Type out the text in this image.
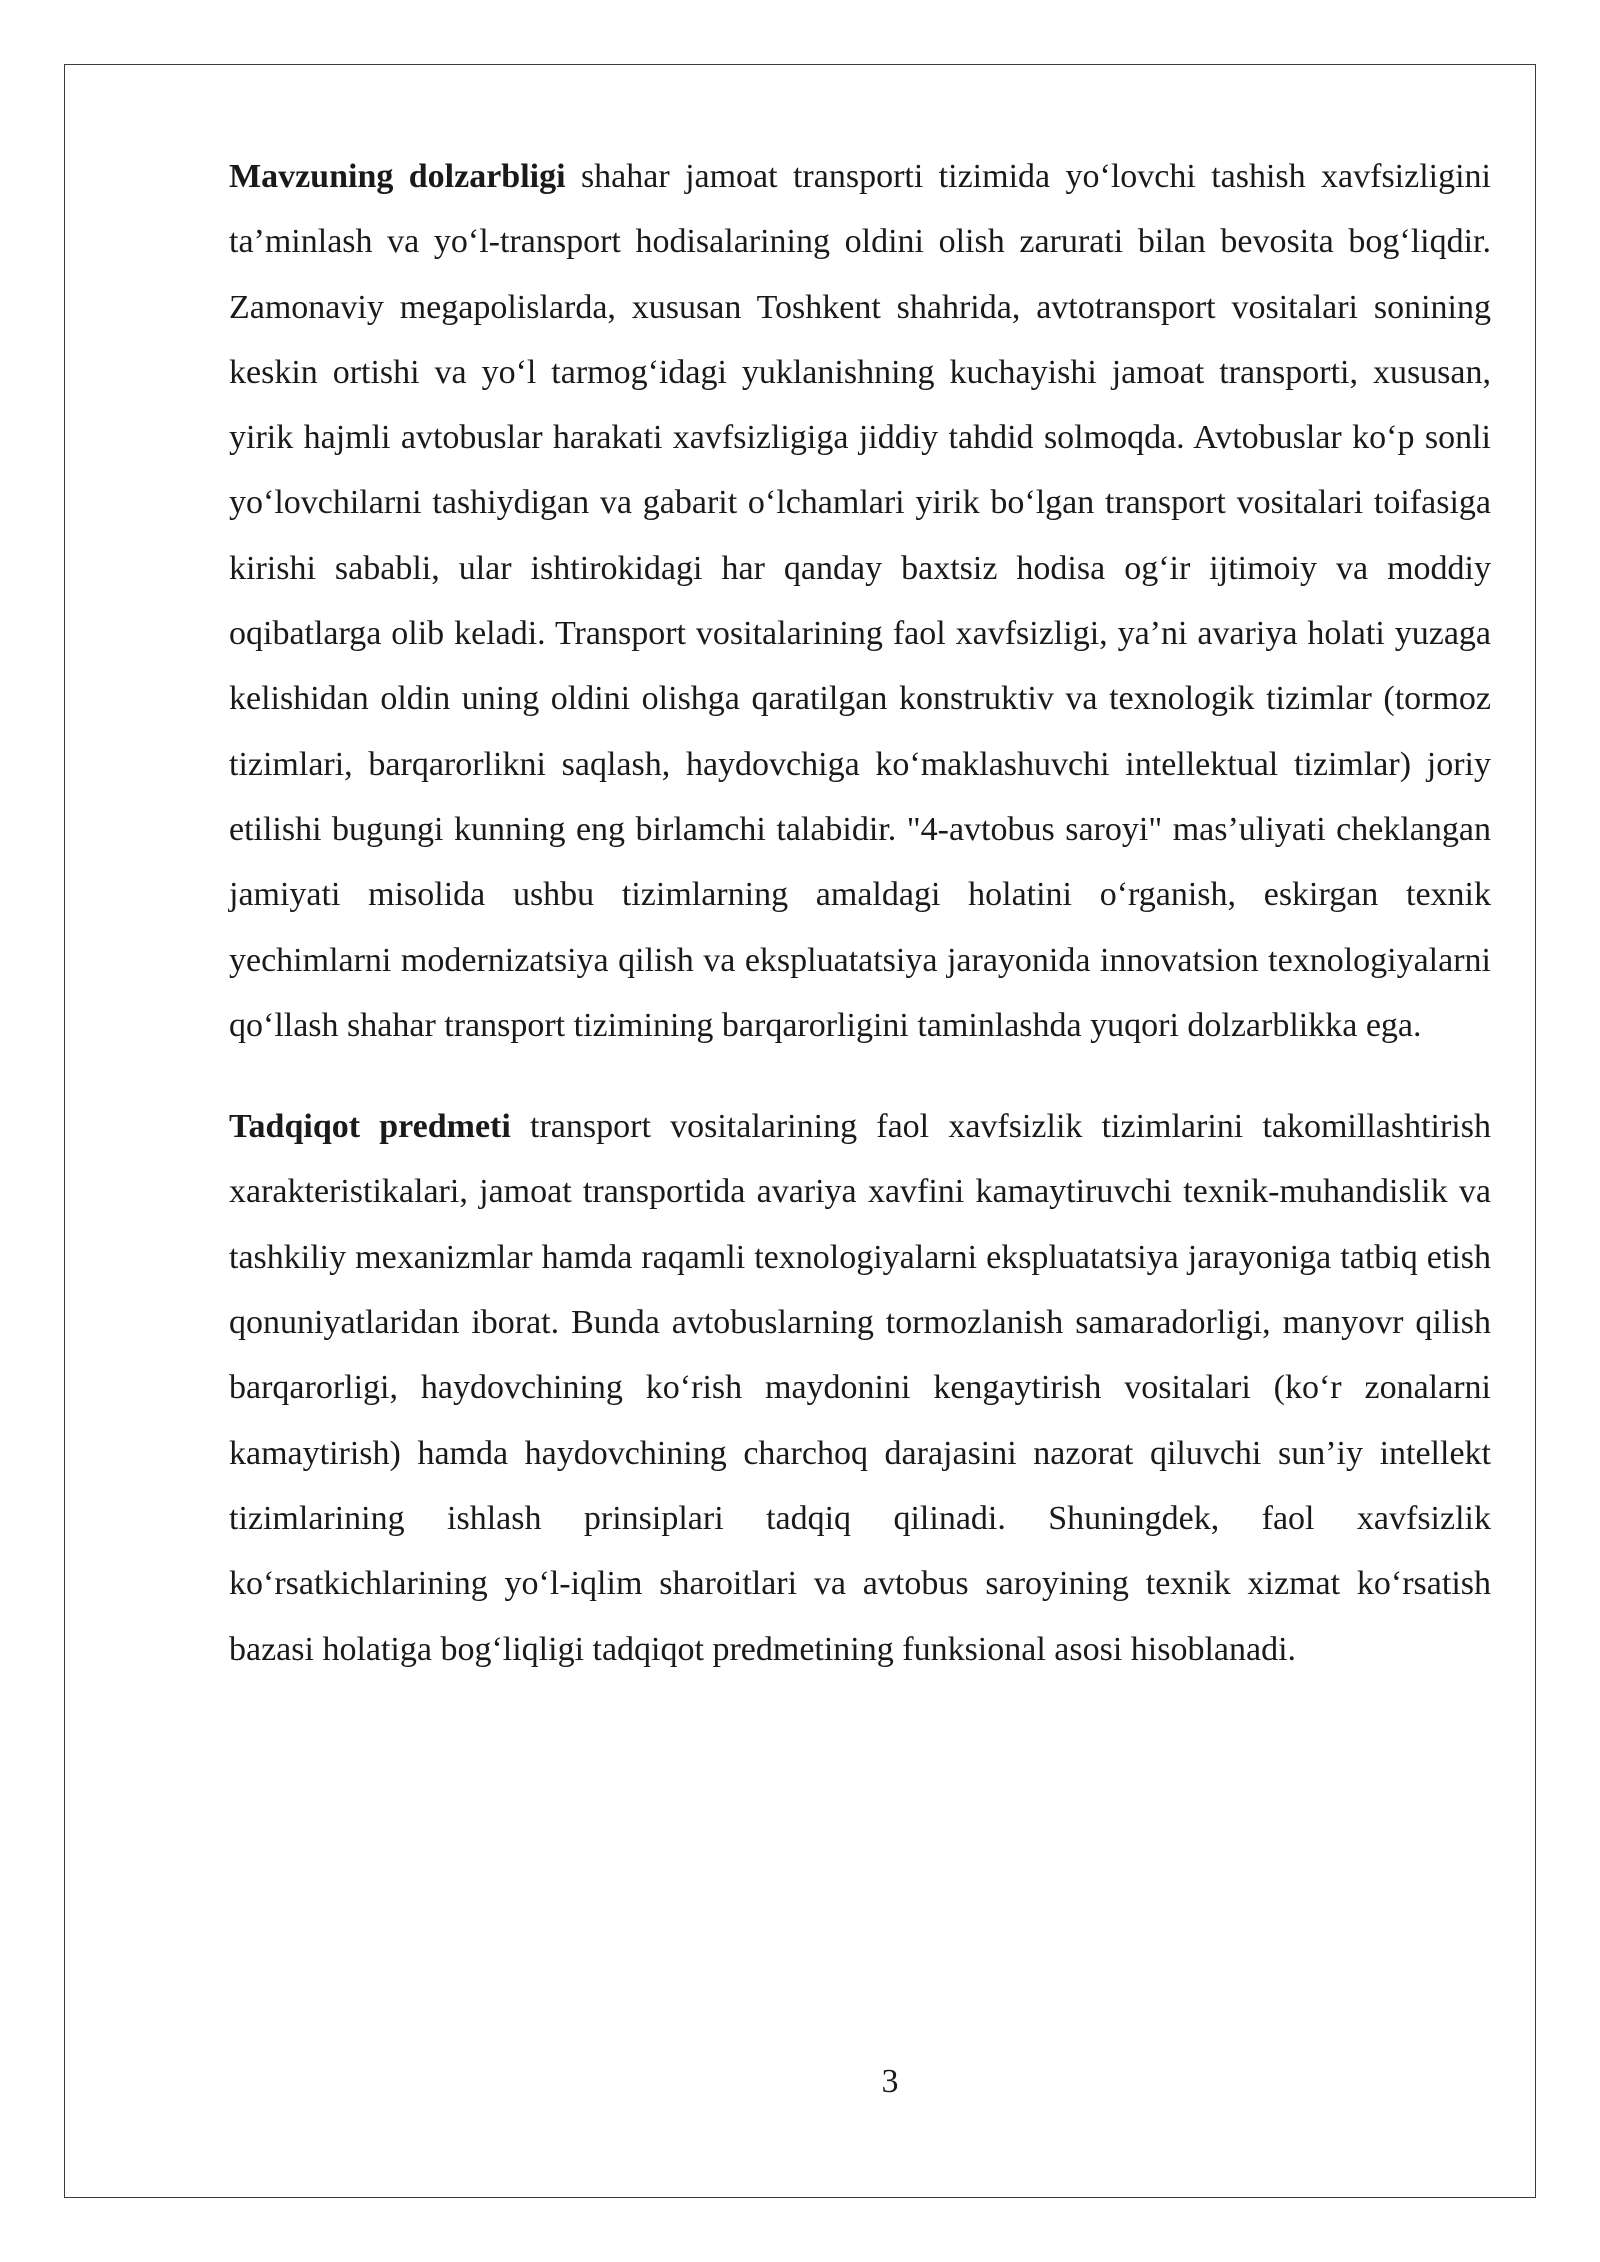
Mavzuning dolzarbligi shahar jamoat transporti tizimida yo‘lovchi tashish xavfsizligini ta’minlash va yo‘l-transport hodisalarining oldini olish zarurati bilan bevosita bog‘liqdir. Zamonaviy megapolislarda, xususan Toshkent shahrida, avtotransport vositalari sonining keskin ortishi va yo‘l tarmog‘idagi yuklanishning kuchayishi jamoat transporti, xususan, yirik hajmli avtobuslar harakati xavfsizligiga jiddiy tahdid solmoqda. Avtobuslar ko‘p sonli yo‘lovchilarni tashiydigan va gabarit o‘lchamlari yirik bo‘lgan transport vositalari toifasiga kirishi sababli, ular ishtirokidagi har qanday baxtsiz hodisa og‘ir ijtimoiy va moddiy oqibatlarga olib keladi. Transport vositalarining faol xavfsizligi, ya’ni avariya holati yuzaga kelishidan oldin uning oldini olishga qaratilgan konstruktiv va texnologik tizimlar (tormoz tizimlari, barqarorlikni saqlash, haydovchiga ko‘maklashuvchi intellektual tizimlar) joriy etilishi bugungi kunning eng birlamchi talabidir. "4-avtobus saroyi" mas’uliyati cheklangan jamiyati misolida ushbu tizimlarning amaldagi holatini o‘rganish, eskirgan texnik yechimlarni modernizatsiya qilish va ekspluatatsiya jarayonida innovatsion texnologiyalarni qo‘llash shahar transport tizimining barqarorligini taminlashda yuqori dolzarblikka ega.

Tadqiqot predmeti transport vositalarining faol xavfsizlik tizimlarini takomillashtirish xarakteristikalari, jamoat transportida avariya xavfini kamaytiruvchi texnik-muhandislik va tashkiliy mexanizmlar hamda raqamli texnologiyalarni ekspluatatsiya jarayoniga tatbiq etish qonuniyatlaridan iborat. Bunda avtobuslarning tormozlanish samaradorligi, manyovr qilish barqarorligi, haydovchining ko‘rish maydonini kengaytirish vositalari (ko‘r zonalarni kamaytirish) hamda haydovchining charchoq darajasini nazorat qiluvchi sun’iy intellekt tizimlarining ishlash prinsiplari tadqiq qilinadi. Shuningdek, faol xavfsizlik ko‘rsatkichlarining yo‘l-iqlim sharoitlari va avtobus saroyining texnik xizmat ko‘rsatish bazasi holatiga bog‘liqligi tadqiqot predmetining funksional asosi hisoblanadi.

3
